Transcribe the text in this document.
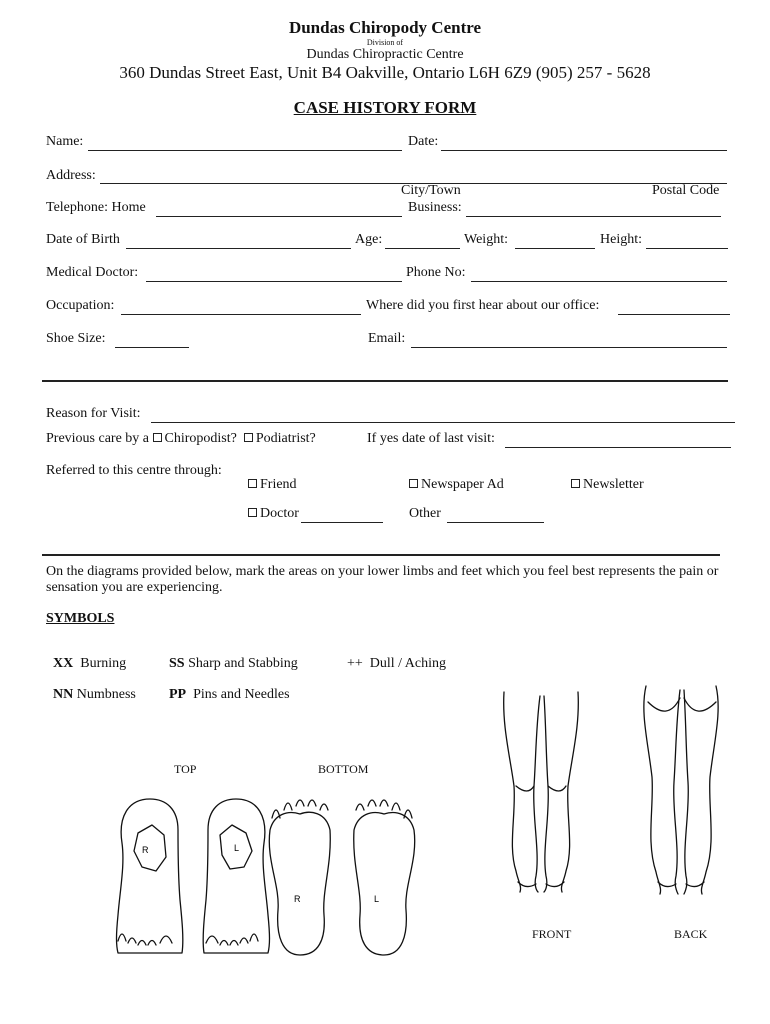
Dundas Chiropody Centre
Division of
Dundas Chiropractic Centre
360 Dundas Street East, Unit B4 Oakville, Ontario L6H 6Z9 (905) 257 - 5628
CASE HISTORY FORM
Name:	Date:
Address:
City/Town	Postal Code
Telephone: Home	Business:
Date of Birth	Age:	Weight:	Height:
Medical Doctor:	Phone No:
Occupation:	Where did you first hear about our office:
Shoe Size:	Email:
Reason for Visit:
Previous care by a Chiropodist? Podiatrist?	If yes date of last visit:
Referred to this centre through:
Friend	Newspaper Ad	Newsletter
Doctor	Other
On the diagrams provided below, mark the areas on your lower limbs and feet which you feel best represents the pain or sensation you are experiencing.
SYMBOLS
XX Burning	SS Sharp and Stabbing	++ Dull / Aching
NN Numbness PP Pins and Needles
TOP	BOTTOM
FRONT	BACK
R	L
R	L
